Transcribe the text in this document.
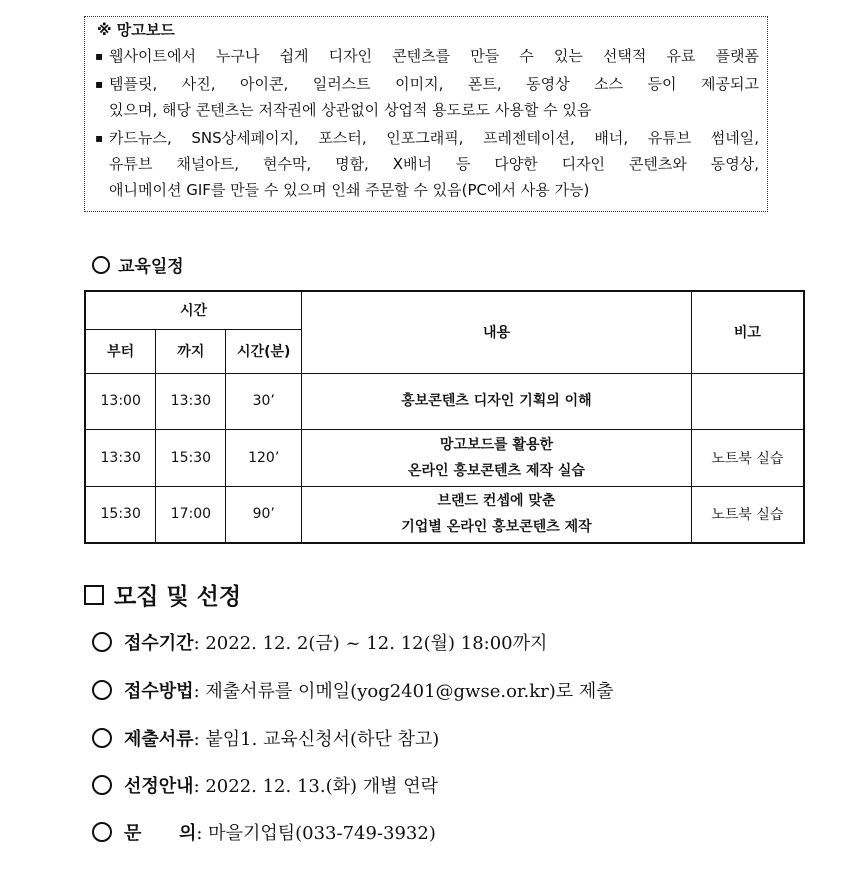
※ 망고보드
▪ 웹사이트에서 누구나 쉽게 디자인 콘텐츠를 만들 수 있는 선택적 유료 플랫폼
▪ 템플릿, 사진, 아이콘, 일러스트 이미지, 폰트, 동영상 소스 등이 제공되고
있으며, 해당 콘텐츠는 저작권에 상관없이 상업적 용도로도 사용할 수 있음
▪ 카드뉴스, SNS상세페이지, 포스터, 인포그래픽, 프레젠테이션, 배너, 유튜브 썸네일,
유튜브 채널아트, 현수막, 명함, X배너 등 다양한 디자인 콘텐츠와 동영상,
애니메이션 GIF를 만들 수 있으며 인쇄 주문할 수 있음(PC에서 사용 가능)
교육일정
시간			내용	비고
부터	까지	시간(분)		
13:00	13:30	30’	홍보콘텐츠 디자인 기획의 이해	
13:30	15:30	120’	망고보드를 활용한
온라인 홍보콘텐츠 제작 실습	노트북 실습
15:30	17:00	90’	브랜드 컨셉에 맞춘
기업별 온라인 홍보콘텐츠 제작	노트북 실습
모집 및 선정
접수기간: 2022. 12. 2(금) ~ 12. 12(월) 18:00까지
접수방법: 제출서류를 이메일(yog2401@gwse.or.kr)로 제출
제출서류: 붙임1. 교육신청서(하단 참고)
선정안내: 2022. 12. 13.(화) 개별 연락
문      의: 마을기업팀(033-749-3932)
